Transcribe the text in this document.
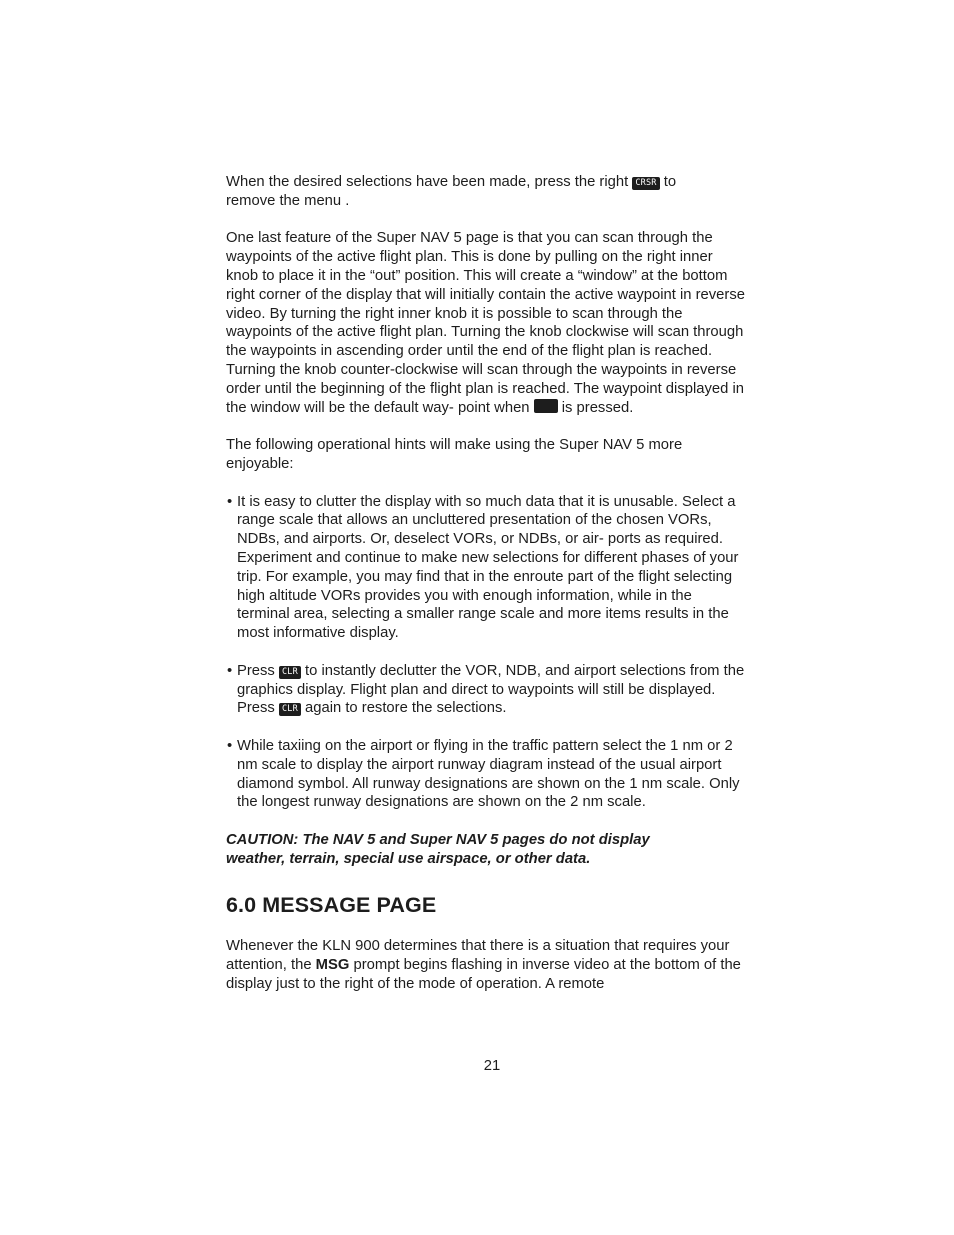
When the desired selections have been made, press the right CRSR to
remove the menu .

One last feature of the Super NAV 5 page is that you can scan through the waypoints of the active flight plan. This is done by pulling on the right inner knob to place it in the “out” position. This will create a “window” at the bottom right corner of the display that will initially contain the active waypoint in reverse video. By turning the right inner knob it is possible to scan through the waypoints of the active flight plan. Turning the knob clockwise will scan through the waypoints in ascending order until the end of the flight plan is reached. Turning the knob counter-clockwise will scan through the waypoints in reverse order until the beginning of the flight plan is reached. The waypoint displayed in the window will be the default way- point when  is pressed.

The following operational hints will make using the Super NAV 5 more enjoyable:

• It is easy to clutter the display with so much data that it is unusable. Select a range scale that allows an uncluttered presentation of the chosen VORs, NDBs, and airports. Or, deselect VORs, or NDBs, or air- ports as required. Experiment and continue to make new selections for different phases of your trip. For example, you may find that in the enroute part of the flight selecting high altitude VORs provides you with enough information, while in the terminal area, selecting a smaller range scale and more items results in the most informative display.
• Press CLR to instantly declutter the VOR, NDB, and airport selections from the graphics display. Flight plan and direct to waypoints will still be displayed. Press CLR again to restore the selections.
• While taxiing on the airport or flying in the traffic pattern select the 1 nm or 2 nm scale to display the airport runway diagram instead of the usual airport diamond symbol. All runway designations are shown on the 1 nm scale. Only the longest runway designations are shown on the 2 nm scale.

CAUTION: The NAV 5 and Super NAV 5 pages do not display
weather, terrain, special use airspace, or other data.

6.0 MESSAGE PAGE

Whenever the KLN 900 determines that there is a situation that requires your attention, the MSG prompt begins flashing in inverse video at the bottom of the display just to the right of the mode of operation. A remote

21
